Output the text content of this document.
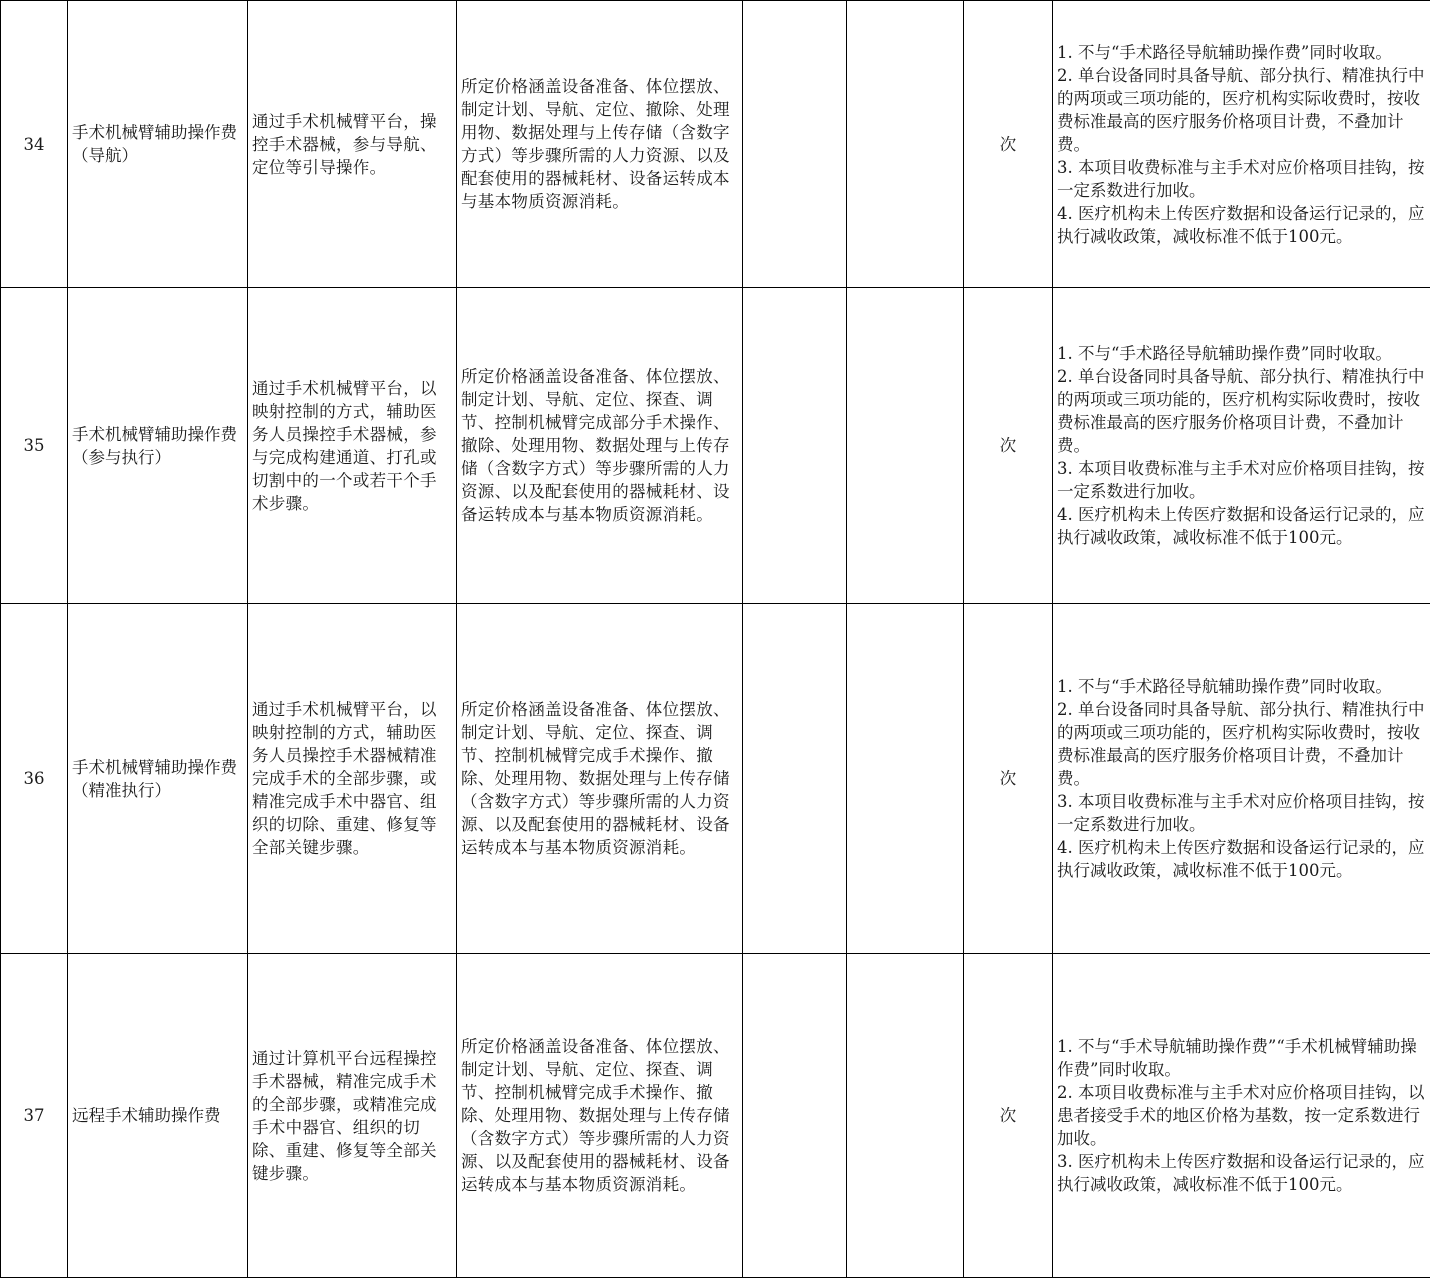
34	手术机械臂辅助操作费（导航）	通过手术机械臂平台，操控手术器械，参与导航、定位等引导操作。	所定价格涵盖设备准备、体位摆放、制定计划、导航、定位、撤除、处理用物、数据处理与上传存储（含数字方式）等步骤所需的人力资源、以及配套使用的器械耗材、设备运转成本与基本物质资源消耗。			次	1. 不与“手术路径导航辅助操作费”同时收取。
2. 单台设备同时具备导航、部分执行、精准执行中的两项或三项功能的，医疗机构实际收费时，按收费标准最高的医疗服务价格项目计费，不叠加计费。
3. 本项目收费标准与主手术对应价格项目挂钩，按一定系数进行加收。
4. 医疗机构未上传医疗数据和设备运行记录的，应执行减收政策，减收标准不低于100元。

35	手术机械臂辅助操作费（参与执行）	通过手术机械臂平台，以映射控制的方式，辅助医务人员操控手术器械，参与完成构建通道、打孔或切割中的一个或若干个手术步骤。	所定价格涵盖设备准备、体位摆放、制定计划、导航、定位、探查、调节、控制机械臂完成部分手术操作、撤除、处理用物、数据处理与上传存储（含数字方式）等步骤所需的人力资源、以及配套使用的器械耗材、设备运转成本与基本物质资源消耗。			次	1. 不与“手术路径导航辅助操作费”同时收取。
2. 单台设备同时具备导航、部分执行、精准执行中的两项或三项功能的，医疗机构实际收费时，按收费标准最高的医疗服务价格项目计费，不叠加计费。
3. 本项目收费标准与主手术对应价格项目挂钩，按一定系数进行加收。
4. 医疗机构未上传医疗数据和设备运行记录的，应执行减收政策，减收标准不低于100元。

36	手术机械臂辅助操作费（精准执行）	通过手术机械臂平台，以映射控制的方式，辅助医务人员操控手术器械精准完成手术的全部步骤，或精准完成手术中器官、组织的切除、重建、修复等全部关键步骤。	所定价格涵盖设备准备、体位摆放、制定计划、导航、定位、探查、调节、控制机械臂完成手术操作、撤除、处理用物、数据处理与上传存储（含数字方式）等步骤所需的人力资源、以及配套使用的器械耗材、设备运转成本与基本物质资源消耗。			次	1. 不与“手术路径导航辅助操作费”同时收取。
2. 单台设备同时具备导航、部分执行、精准执行中的两项或三项功能的，医疗机构实际收费时，按收费标准最高的医疗服务价格项目计费，不叠加计费。
3. 本项目收费标准与主手术对应价格项目挂钩，按一定系数进行加收。
4. 医疗机构未上传医疗数据和设备运行记录的，应执行减收政策，减收标准不低于100元。

37	远程手术辅助操作费	通过计算机平台远程操控手术器械，精准完成手术的全部步骤，或精准完成手术中器官、组织的切除、重建、修复等全部关键步骤。	所定价格涵盖设备准备、体位摆放、制定计划、导航、定位、探查、调节、控制机械臂完成手术操作、撤除、处理用物、数据处理与上传存储（含数字方式）等步骤所需的人力资源、以及配套使用的器械耗材、设备运转成本与基本物质资源消耗。			次	1. 不与“手术导航辅助操作费”“手术机械臂辅助操作费”同时收取。
2. 本项目收费标准与主手术对应价格项目挂钩，以患者接受手术的地区价格为基数，按一定系数进行加收。
3. 医疗机构未上传医疗数据和设备运行记录的，应执行减收政策，减收标准不低于100元。
